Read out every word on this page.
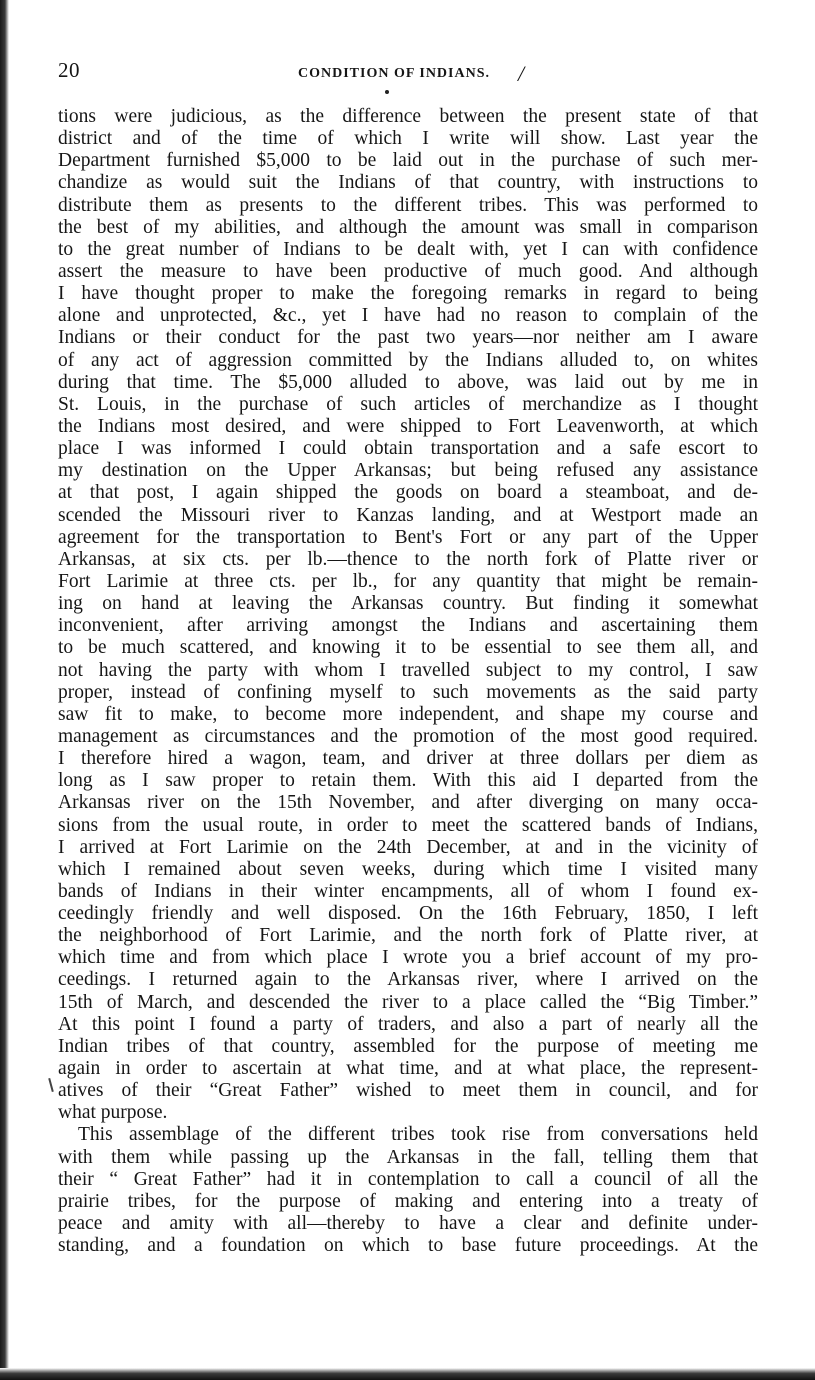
20	CONDITION OF INDIANS. /
tions were judicious, as the difference between the present state of that
district and of the time of which I write will show. Last year the
Department furnished $5,000 to be laid out in the purchase of such mer-
chandize as would suit the Indians of that country, with instructions to
distribute them as presents to the different tribes. This was performed to
the best of my abilities, and although the amount was small in comparison
to the great number of Indians to be dealt with, yet I can with confidence
assert the measure to have been productive of much good. And although
I have thought proper to make the foregoing remarks in regard to being
alone and unprotected, &c., yet I have had no reason to complain of the
Indians or their conduct for the past two years—nor neither am I aware
of any act of aggression committed by the Indians alluded to, on whites
during that time. The $5,000 alluded to above, was laid out by me in
St. Louis, in the purchase of such articles of merchandize as I thought
the Indians most desired, and were shipped to Fort Leavenworth, at which
place I was informed I could obtain transportation and a safe escort to
my destination on the Upper Arkansas; but being refused any assistance
at that post, I again shipped the goods on board a steamboat, and de-
scended the Missouri river to Kanzas landing, and at Westport made an
agreement for the transportation to Bent's Fort or any part of the Upper
Arkansas, at six cts. per lb.—thence to the north fork of Platte river or
Fort Larimie at three cts. per lb., for any quantity that might be remain-
ing on hand at leaving the Arkansas country. But finding it somewhat
inconvenient, after arriving amongst the Indians and ascertaining them
to be much scattered, and knowing it to be essential to see them all, and
not having the party with whom I travelled subject to my control, I saw
proper, instead of confining myself to such movements as the said party
saw fit to make, to become more independent, and shape my course and
management as circumstances and the promotion of the most good required.
I therefore hired a wagon, team, and driver at three dollars per diem as
long as I saw proper to retain them. With this aid I departed from the
Arkansas river on the 15th November, and after diverging on many occa-
sions from the usual route, in order to meet the scattered bands of Indians,
I arrived at Fort Larimie on the 24th December, at and in the vicinity of
which I remained about seven weeks, during which time I visited many
bands of Indians in their winter encampments, all of whom I found ex-
ceedingly friendly and well disposed. On the 16th February, 1850, I left
the neighborhood of Fort Larimie, and the north fork of Platte river, at
which time and from which place I wrote you a brief account of my pro-
ceedings. I returned again to the Arkansas river, where I arrived on the
15th of March, and descended the river to a place called the “Big Timber.”
At this point I found a party of traders, and also a part of nearly all the
Indian tribes of that country, assembled for the purpose of meeting me
again in order to ascertain at what time, and at what place, the represent-
atives of their “Great Father” wished to meet them in council, and for
what purpose.
This assemblage of the different tribes took rise from conversations held
with them while passing up the Arkansas in the fall, telling them that
their “ Great Father” had it in contemplation to call a council of all the
prairie tribes, for the purpose of making and entering into a treaty of
peace and amity with all—thereby to have a clear and definite under-
standing, and a foundation on which to base future proceedings. At the
